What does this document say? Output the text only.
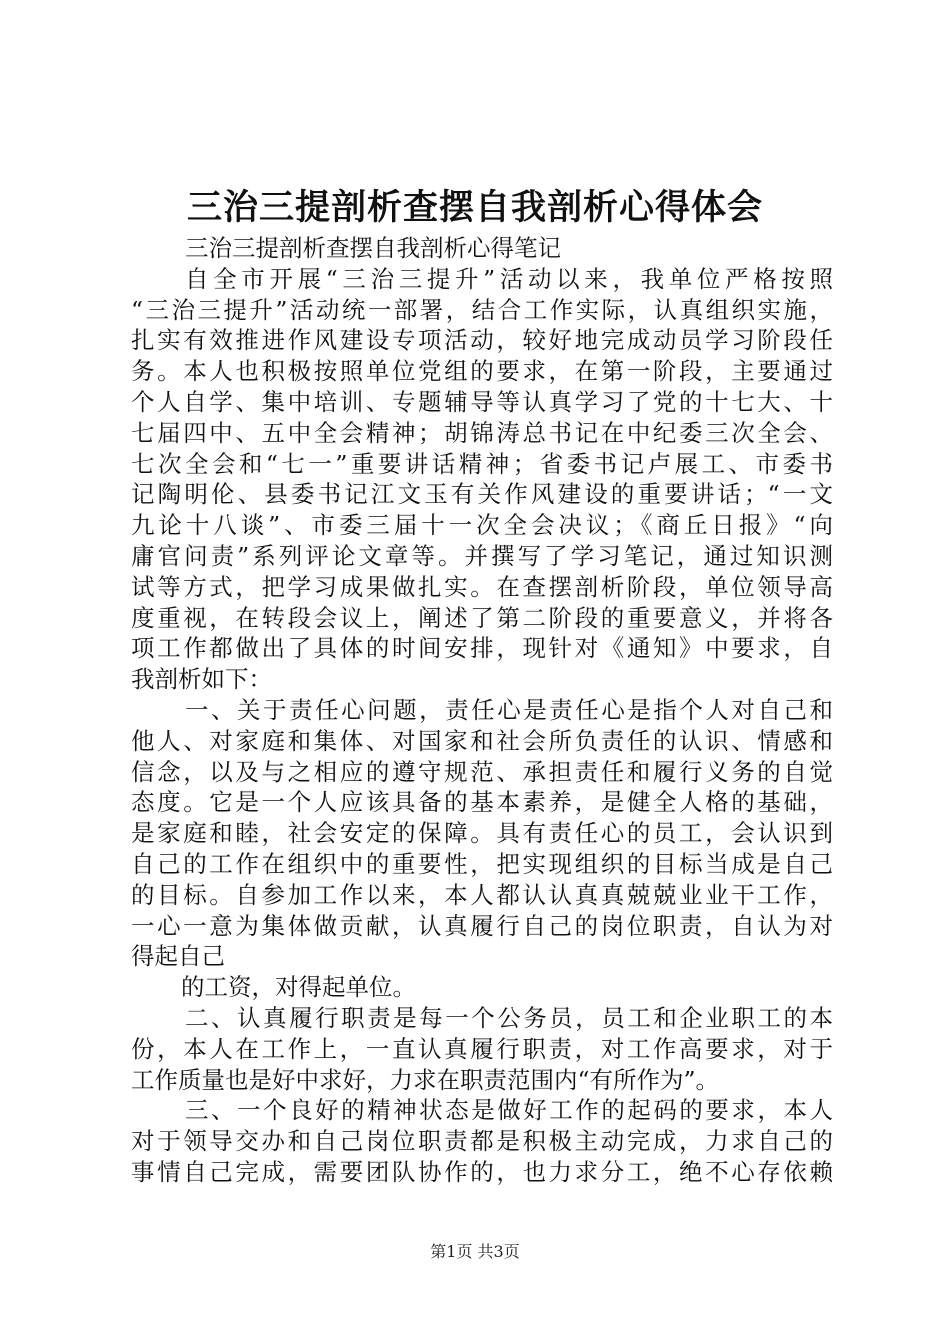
三治三提剖析查摆自我剖析心得体会
三治三提剖析查摆自我剖析心得笔记
自全市开展“三治三提升”活动以来，我单位严格按照
“三治三提升”活动统一部署，结合工作实际，认真组织实施，
扎实有效推进作风建设专项活动，较好地完成动员学习阶段任
务。本人也积极按照单位党组的要求，在第一阶段，主要通过
个人自学、集中培训、专题辅导等认真学习了党的十七大、十
七届四中、五中全会精神；胡锦涛总书记在中纪委三次全会、
七次全会和“七一”重要讲话精神；省委书记卢展工、市委书
记陶明伦、县委书记江文玉有关作风建设的重要讲话；“一文
九论十八谈”、市委三届十一次全会决议；《商丘日报》“向
庸官问责”系列评论文章等。并撰写了学习笔记，通过知识测
试等方式，把学习成果做扎实。在查摆剖析阶段，单位领导高
度重视，在转段会议上，阐述了第二阶段的重要意义，并将各
项工作都做出了具体的时间安排，现针对《通知》中要求，自
我剖析如下：
一、关于责任心问题，责任心是责任心是指个人对自己和
他人、对家庭和集体、对国家和社会所负责任的认识、情感和
信念，以及与之相应的遵守规范、承担责任和履行义务的自觉
态度。它是一个人应该具备的基本素养，是健全人格的基础，
是家庭和睦，社会安定的保障。具有责任心的员工，会认识到
自己的工作在组织中的重要性，把实现组织的目标当成是自己
的目标。自参加工作以来，本人都认认真真兢兢业业干工作，
一心一意为集体做贡献，认真履行自己的岗位职责，自认为对
得起自己
的工资，对得起单位。
二、认真履行职责是每一个公务员，员工和企业职工的本
份，本人在工作上，一直认真履行职责，对工作高要求，对于
工作质量也是好中求好，力求在职责范围内“有所作为”。
三、一个良好的精神状态是做好工作的起码的要求，本人
对于领导交办和自己岗位职责都是积极主动完成，力求自己的
事情自己完成，需要团队协作的，也力求分工，绝不心存依赖
第1页 共3页
